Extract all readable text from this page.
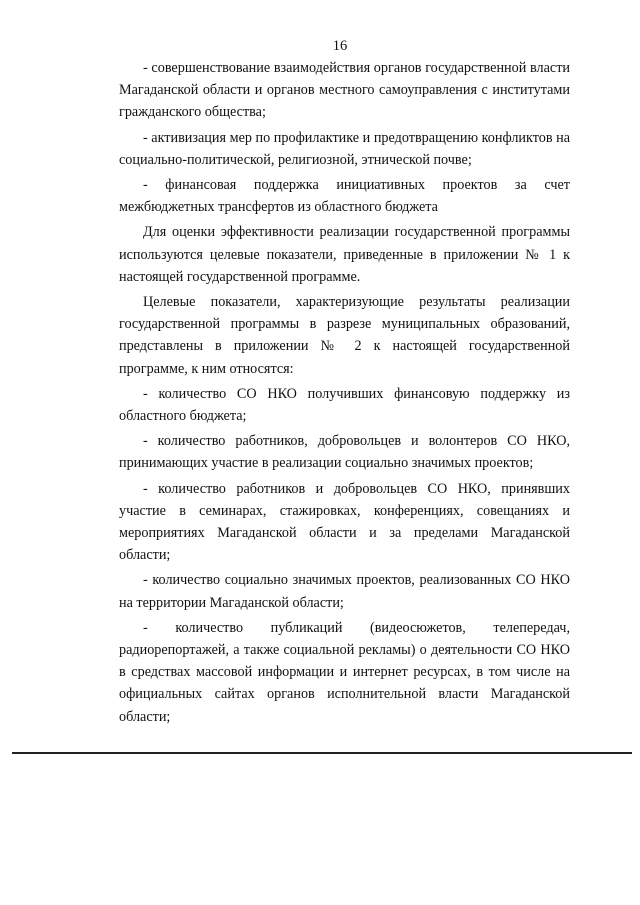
16

- совершенствование взаимодействия органов государственной власти Магаданской области и органов местного самоуправления с институтами гражданского общества;

- активизация мер по профилактике и предотвращению конфликтов на социально-политической, религиозной, этнической почве;

- финансовая поддержка инициативных проектов за счет межбюджетных трансфертов из областного бюджета

Для оценки эффективности реализации государственной программы используются целевые показатели, приведенные в приложении № 1 к настоящей государственной программе.

Целевые показатели, характеризующие результаты реализации государственной программы в разрезе муниципальных образований, представлены в приложении № 2 к настоящей государственной программе, к ним относятся:

- количество СО НКО получивших финансовую поддержку из областного бюджета;

- количество работников, добровольцев и волонтеров СО НКО, принимающих участие в реализации социально значимых проектов;

- количество работников и добровольцев СО НКО, принявших участие в семинарах, стажировках, конференциях, совещаниях и мероприятиях Магаданской области и за пределами Магаданской области;

- количество социально значимых проектов, реализованных СО НКО на территории Магаданской области;

- количество публикаций (видеосюжетов, телепередач, радиорепортажей, а также социальной рекламы) о деятельности СО НКО в средствах массовой информации и интернет ресурсах, в том числе на официальных сайтах органов исполнительной власти Магаданской области;
